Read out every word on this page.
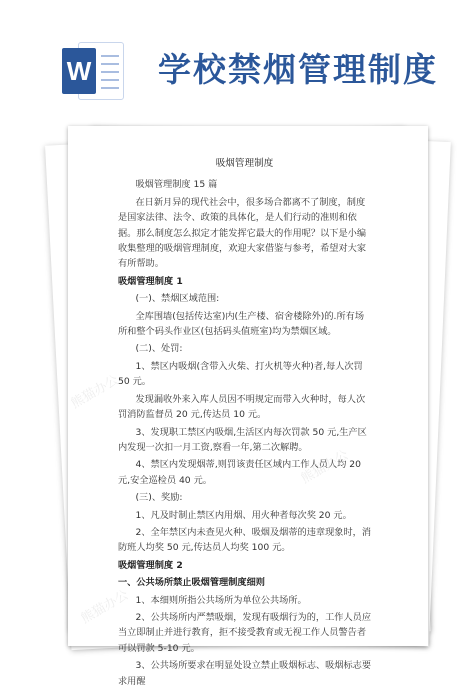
W 学校禁烟管理制度
吸烟管理制度
吸烟管理制度 15 篇
在日新月异的现代社会中，很多场合都离不了制度，制度是国家法律、法令、政策的具体化，是人们行动的准则和依据。那么制度怎么拟定才能发挥它最大的作用呢？以下是小编收集整理的吸烟管理制度，欢迎大家借鉴与参考，希望对大家有所帮助。
吸烟管理制度 1
(一)、禁烟区域范围:
全库围墙(包括传达室)内(生产楼、宿舍楼除外)的.所有场所和整个码头作业区(包括码头值班室)均为禁烟区域。
(二)、处罚:
1、禁区内吸烟(含带入火柴、打火机等火种)者,每人次罚 50 元。
发现漏收外来入库人员因不明规定而带入火种时，每人次罚消防监督员 20 元,传达员 10 元。
3、发现职工禁区内吸烟,生活区内每次罚款 50 元,生产区内发现一次扣一月工资,察看一年,第二次解聘。
4、禁区内发现烟蒂,则罚该责任区域内工作人员人均 20 元,安全巡检员 40 元。
(三)、奖励:
1、凡及时制止禁区内用烟、用火种者每次奖 20 元。
2、全年禁区内未查见火种、吸烟及烟蒂的违章现象时，消防班人均奖 50 元,传达员人均奖 100 元。
吸烟管理制度 2
一、公共场所禁止吸烟管理制度细则
1、本细则所指公共场所为单位公共场所。
2、公共场所内严禁吸烟，发现有吸烟行为的，工作人员应当立即制止并进行教育，拒不接受教育或无视工作人员警告者可以罚款 5-10 元。
3、公共场所要求在明显处设立禁止吸烟标志、吸烟标志要求用醒
熊猫办公
熊猫办公
熊猫办公
